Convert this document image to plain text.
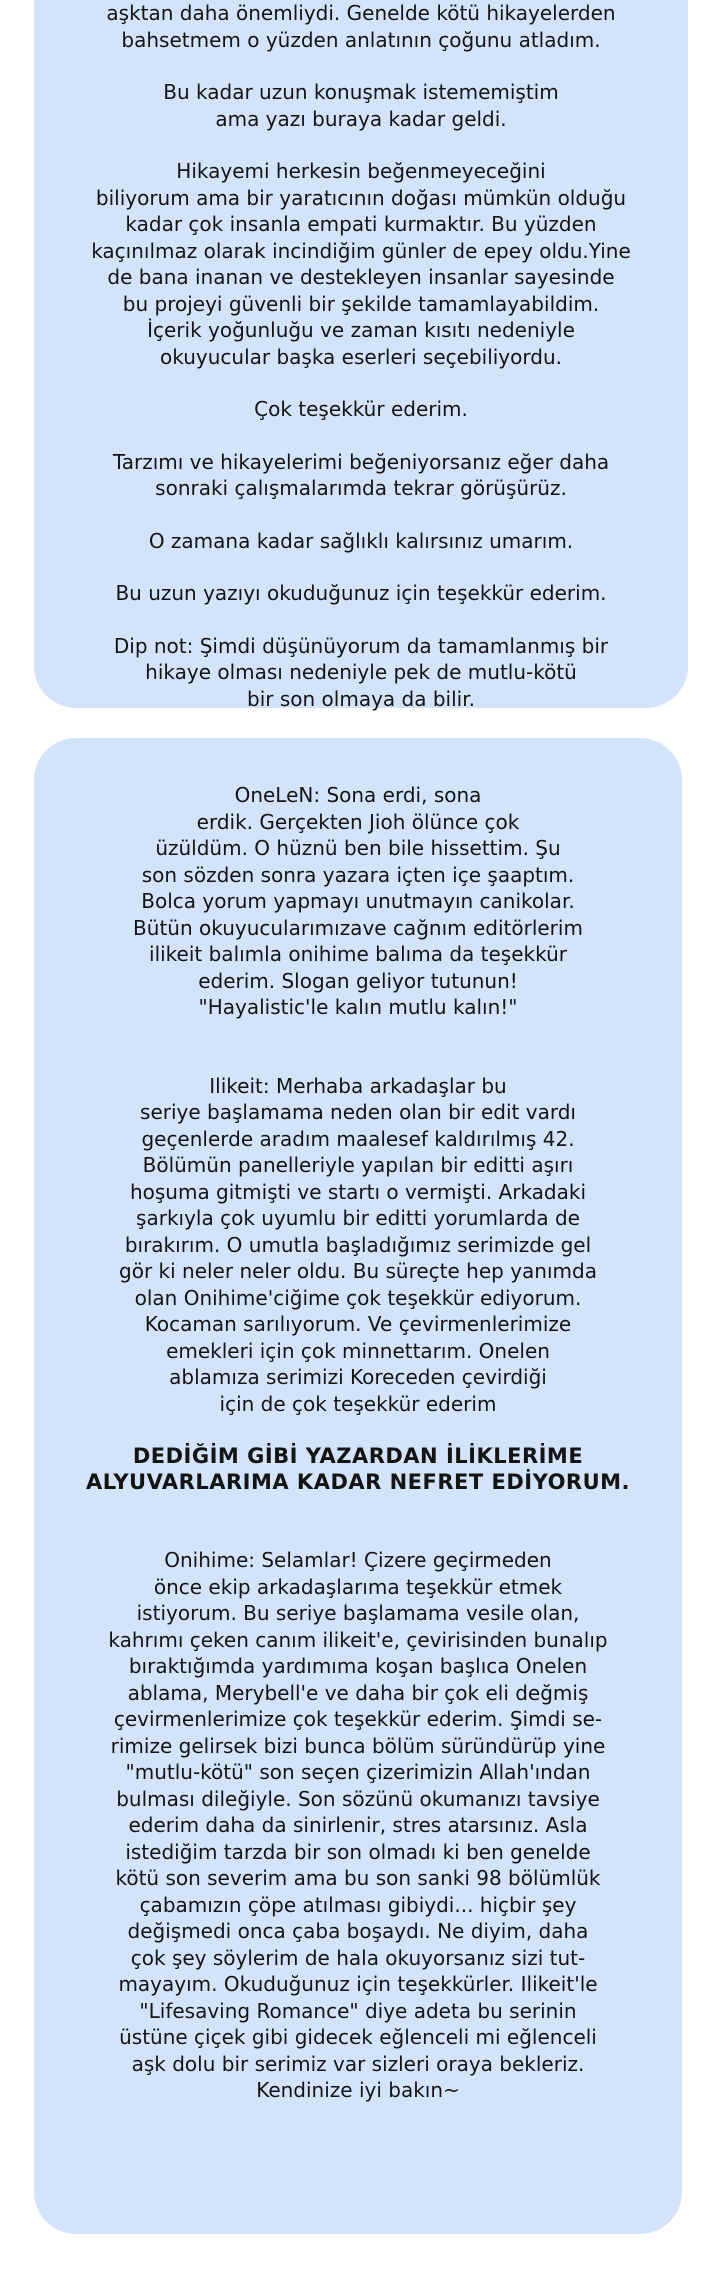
aşktan daha önemliydi. Genelde kötü hikayelerden
bahsetmem o yüzden anlatının çoğunu atladım.

Bu kadar uzun konuşmak istememiştim
ama yazı buraya kadar geldi.

Hikayemi herkesin beğenmeyeceğini
biliyorum ama bir yaratıcının doğası mümkün olduğu
kadar çok insanla empati kurmaktır. Bu yüzden
kaçınılmaz olarak incindiğim günler de epey oldu.Yine
de bana inanan ve destekleyen insanlar sayesinde
bu projeyi güvenli bir şekilde tamamlayabildim.
İçerik yoğunluğu ve zaman kısıtı nedeniyle
okuyucular başka eserleri seçebiliyordu.

Çok teşekkür ederim.

Tarzımı ve hikayelerimi beğeniyorsanız eğer daha
sonraki çalışmalarımda tekrar görüşürüz.

O zamana kadar sağlıklı kalırsınız umarım.

Bu uzun yazıyı okuduğunuz için teşekkür ederim.

Dip not: Şimdi düşünüyorum da tamamlanmış bir
hikaye olması nedeniyle pek de mutlu-kötü
bir son olmaya da bilir.

OneLeN: Sona erdi, sona
erdik. Gerçekten Jioh ölünce çok
üzüldüm. O hüznü ben bile hissettim. Şu
son sözden sonra yazara içten içe şaaptım.
Bolca yorum yapmayı unutmayın canikolar.
Bütün okuyucularımızave cağnım editörlerim
ilikeit balımla onihime balıma da teşekkür
ederim. Slogan geliyor tutunun!
"Hayalistic'le kalın mutlu kalın!"

Ilikeit: Merhaba arkadaşlar bu
seriye başlamama neden olan bir edit vardı
geçenlerde aradım maalesef kaldırılmış 42.
Bölümün panelleriyle yapılan bir editti aşırı
hoşuma gitmişti ve startı o vermişti. Arkadaki
şarkıyla çok uyumlu bir editti yorumlarda de
bırakırım. O umutla başladığımız serimizde gel
gör ki neler neler oldu. Bu süreçte hep yanımda
olan Onihime'ciğime çok teşekkür ediyorum.
Kocaman sarılıyorum. Ve çevirmenlerimize
emekleri için çok minnettarım. Onelen
ablamıza serimizi Koreceden çevirdiği
için de çok teşekkür ederim

DEDİĞİM GİBİ YAZARDAN İLİKLERİME
ALYUVARLARIMA KADAR NEFRET EDİYORUM.

Onihime: Selamlar! Çizere geçirmeden
önce ekip arkadaşlarıma teşekkür etmek
istiyorum. Bu seriye başlamama vesile olan,
kahrımı çeken canım ilikeit'e, çevirisinden bunalıp
bıraktığımda yardımıma koşan başlıca Onelen
ablama, Merybell'e ve daha bir çok eli değmiş
çevirmenlerimize çok teşekkür ederim. Şimdi se-
rimize gelirsek bizi bunca bölüm süründürüp yine
"mutlu-kötü" son seçen çizerimizin Allah'ından
bulması dileğiyle. Son sözünü okumanızı tavsiye
ederim daha da sinirlenir, stres atarsınız. Asla
istediğim tarzda bir son olmadı ki ben genelde
kötü son severim ama bu son sanki 98 bölümlük
çabamızın çöpe atılması gibiydi... hiçbir şey
değişmedi onca çaba boşaydı. Ne diyim, daha
çok şey söylerim de hala okuyorsanız sizi tut-
mayayım. Okuduğunuz için teşekkürler. Ilikeit'le
"Lifesaving Romance" diye adeta bu serinin
üstüne çiçek gibi gidecek eğlenceli mi eğlenceli
aşk dolu bir serimiz var sizleri oraya bekleriz.
Kendinize iyi bakın~
